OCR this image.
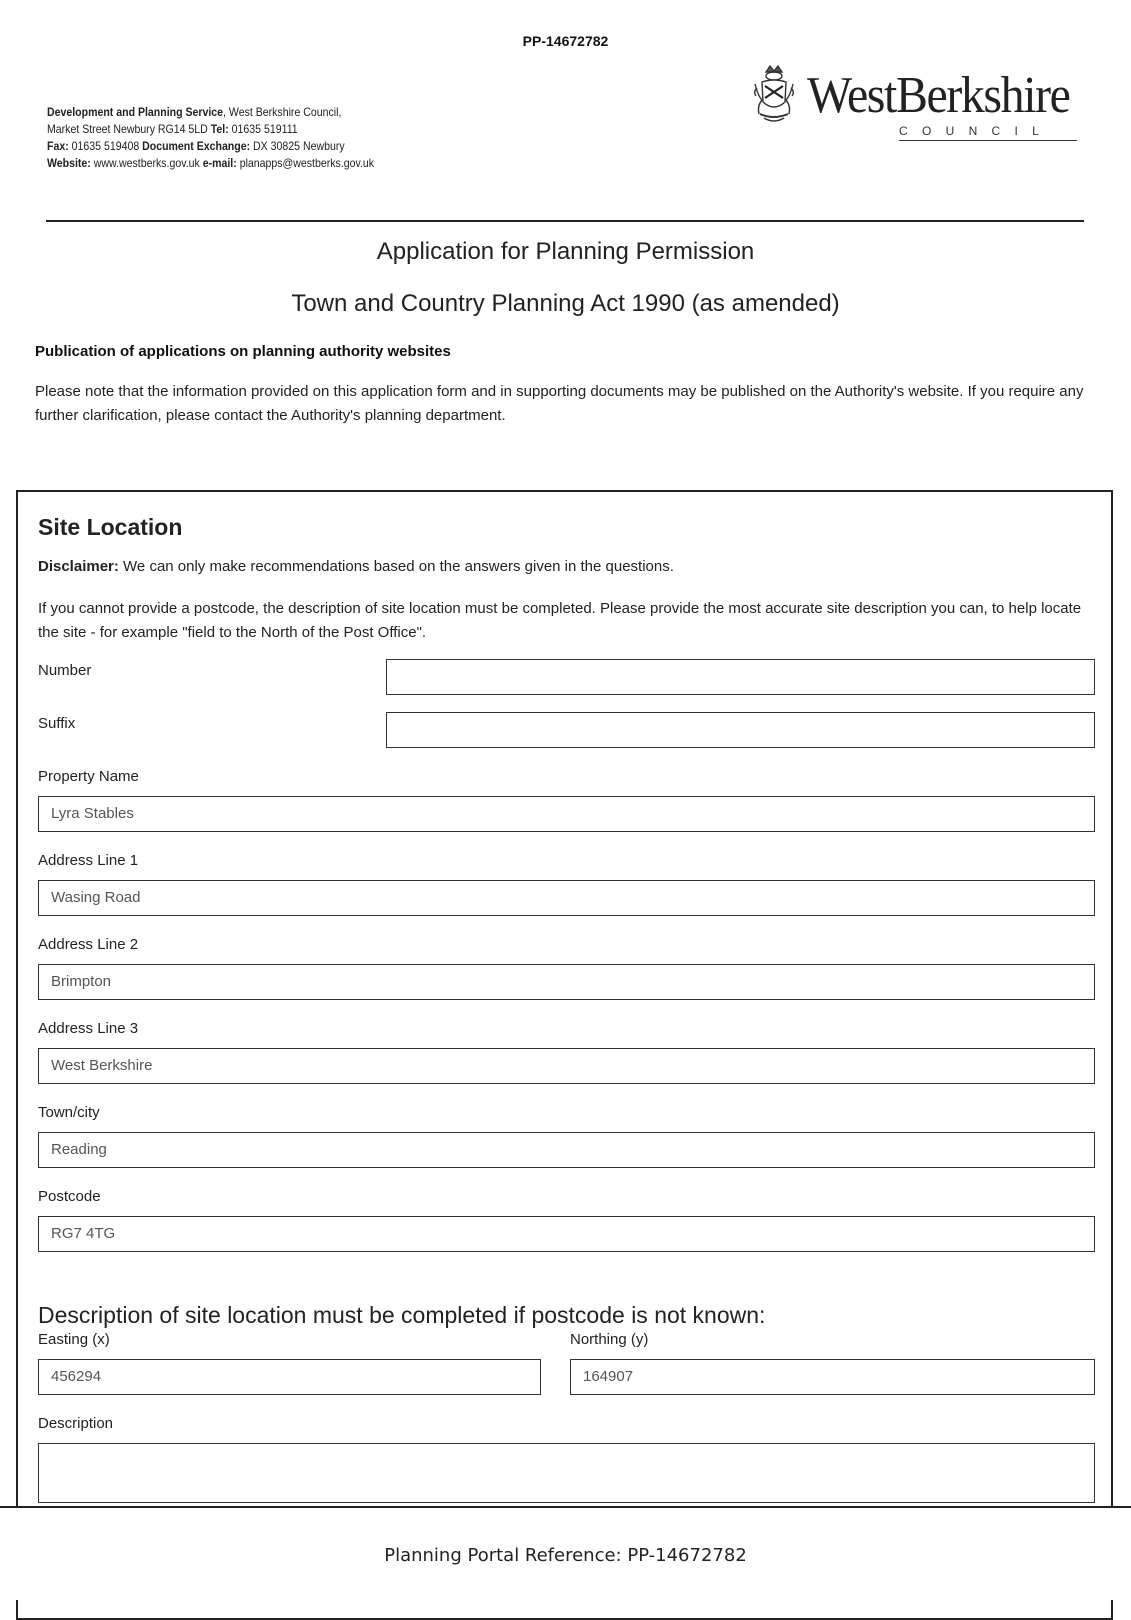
PP-14672782
Development and Planning Service, West Berkshire Council,
Market Street Newbury RG14 5LD Tel: 01635 519111
Fax: 01635 519408 Document Exchange: DX 30825 Newbury
Website: www.westberks.gov.uk e-mail: planapps@westberks.gov.uk
WestBerkshire
COUNCIL
Application for Planning Permission
Town and Country Planning Act 1990 (as amended)
Publication of applications on planning authority websites
Please note that the information provided on this application form and in supporting documents may be published on the Authority's website. If you require any further clarification, please contact the Authority's planning department.
Site Location
Disclaimer: We can only make recommendations based on the answers given in the questions.
If you cannot provide a postcode, the description of site location must be completed. Please provide the most accurate site description you can, to help locate the site - for example "field to the North of the Post Office".
Number
Suffix
Property Name
Lyra Stables
Address Line 1
Wasing Road
Address Line 2
Brimpton
Address Line 3
West Berkshire
Town/city
Reading
Postcode
RG7 4TG
Description of site location must be completed if postcode is not known:
Easting (x)
456294
Northing (y)
164907
Description
Planning Portal Reference: PP-14672782
